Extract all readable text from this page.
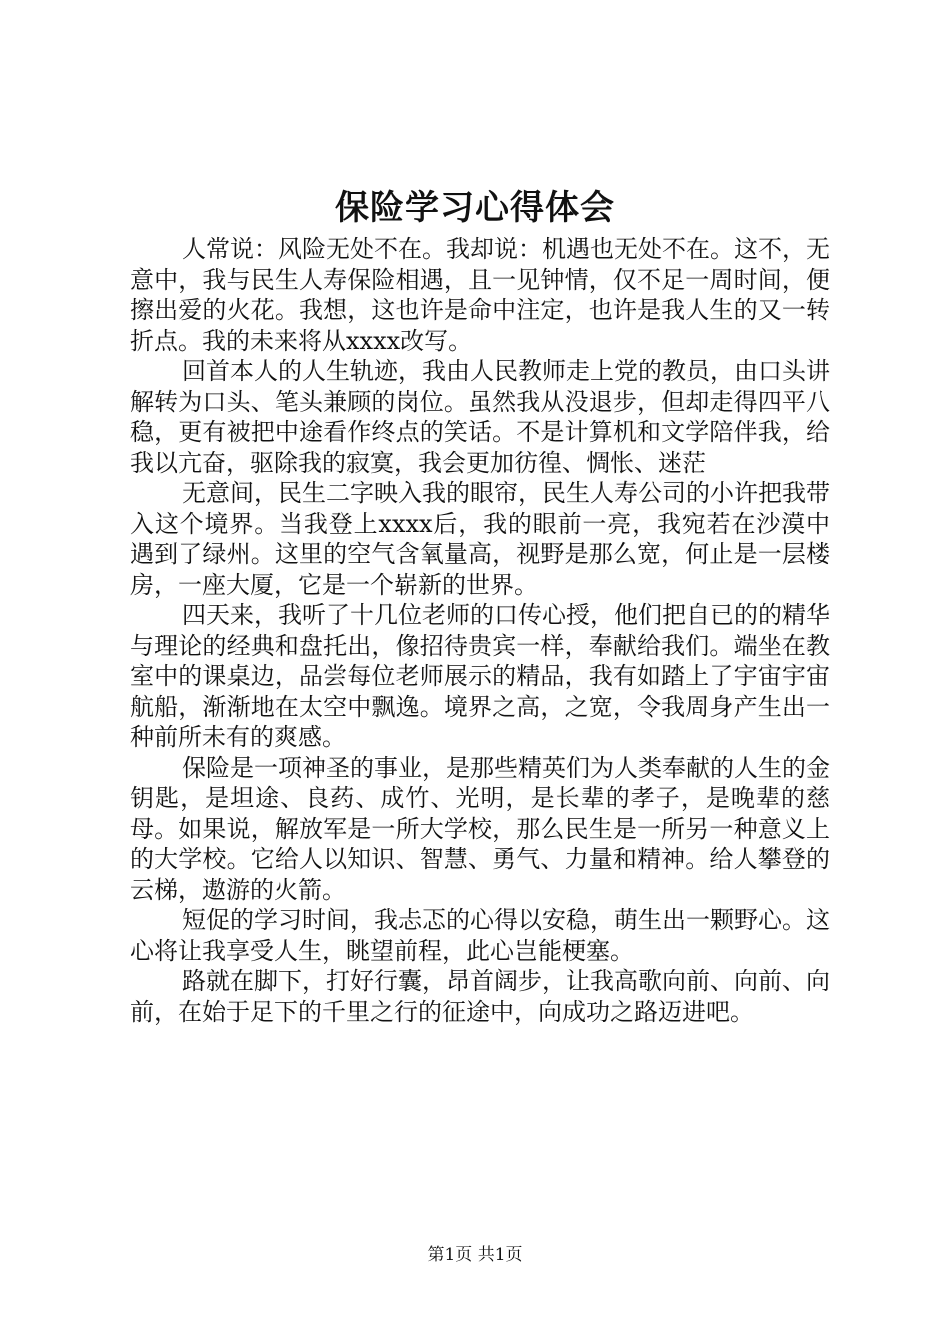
保险学习心得体会

人常说：风险无处不在。我却说：机遇也无处不在。这不，无意中，我与民生人寿保险相遇，且一见钟情，仅不足一周时间，便擦出爱的火花。我想，这也许是命中注定，也许是我人生的又一转折点。我的未来将从xxxx改写。

回首本人的人生轨迹，我由人民教师走上党的教员，由口头讲解转为口头、笔头兼顾的岗位。虽然我从没退步，但却走得四平八稳，更有被把中途看作终点的笑话。不是计算机和文学陪伴我，给我以亢奋，驱除我的寂寞，我会更加彷徨、惆怅、迷茫

无意间，民生二字映入我的眼帘，民生人寿公司的小许把我带入这个境界。当我登上xxxx后，我的眼前一亮，我宛若在沙漠中遇到了绿州。这里的空气含氧量高，视野是那么宽，何止是一层楼房，一座大厦，它是一个崭新的世界。

四天来，我听了十几位老师的口传心授，他们把自已的的精华与理论的经典和盘托出，像招待贵宾一样，奉献给我们。端坐在教室中的课桌边，品尝每位老师展示的精品，我有如踏上了宇宙宇宙航船，渐渐地在太空中飘逸。境界之高，之宽，令我周身产生出一种前所未有的爽感。

保险是一项神圣的事业，是那些精英们为人类奉献的人生的金钥匙，是坦途、良药、成竹、光明，是长辈的孝子，是晚辈的慈母。如果说，解放军是一所大学校，那么民生是一所另一种意义上的大学校。它给人以知识、智慧、勇气、力量和精神。给人攀登的云梯，遨游的火箭。

短促的学习时间，我忐忑的心得以安稳，萌生出一颗野心。这心将让我享受人生，眺望前程，此心岂能梗塞。

路就在脚下，打好行囊，昂首阔步，让我高歌向前、向前、向前，在始于足下的千里之行的征途中，向成功之路迈进吧。

第1页 共1页
